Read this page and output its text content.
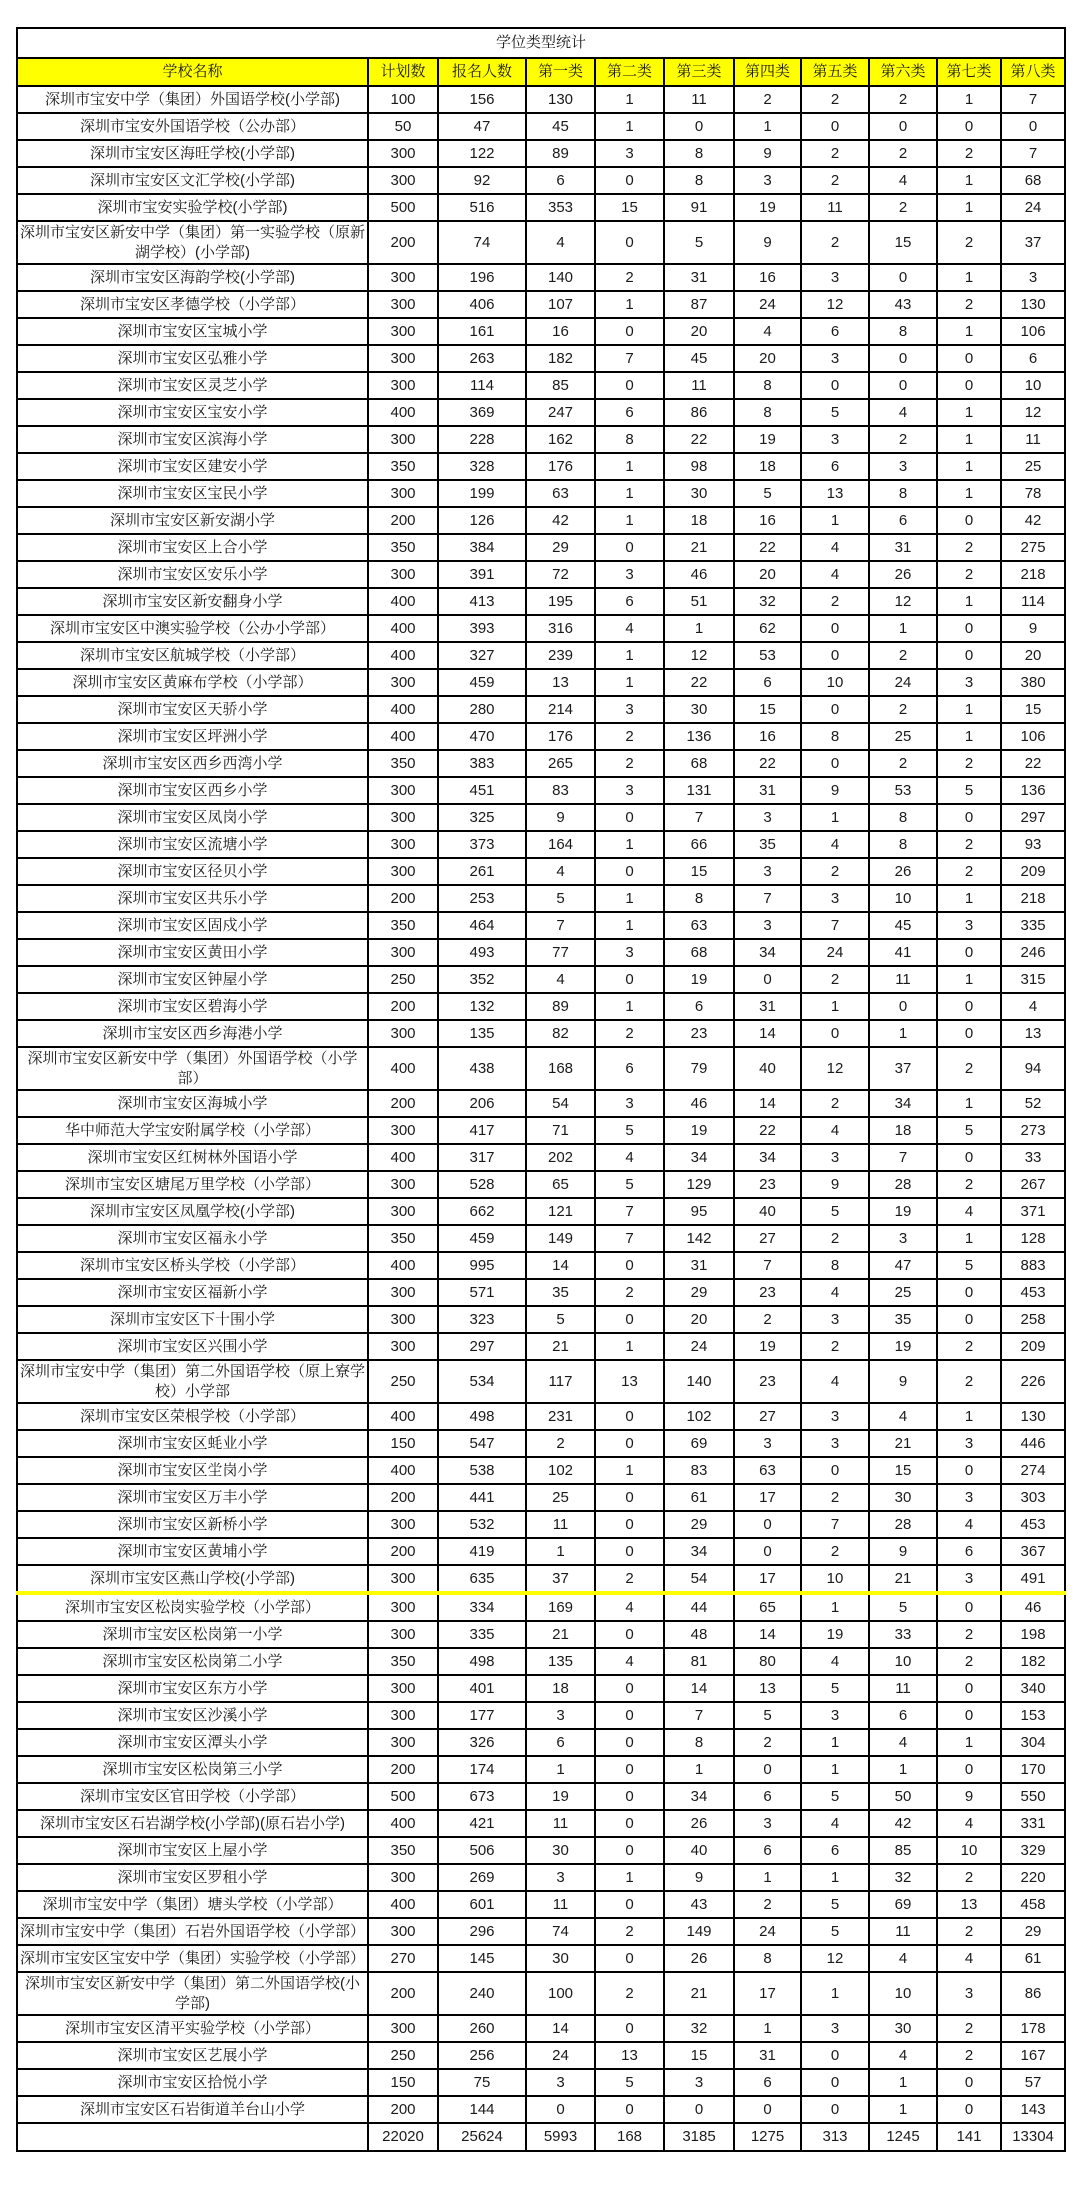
学位类型统计										
学校名称	计划数	报名人数	第一类	第二类	第三类	第四类	第五类	第六类	第七类	第八类
深圳市宝安中学（集团）外国语学校(小学部)	100	156	130	1	11	2	2	2	1	7
深圳市宝安外国语学校（公办部）	50	47	45	1	0	1	0	0	0	0
深圳市宝安区海旺学校(小学部)	300	122	89	3	8	9	2	2	2	7
深圳市宝安区文汇学校(小学部)	300	92	6	0	8	3	2	4	1	68
深圳市宝安实验学校(小学部)	500	516	353	15	91	19	11	2	1	24
深圳市宝安区新安中学（集团）第一实验学校（原新湖学校）(小学部)	200	74	4	0	5	9	2	15	2	37
深圳市宝安区海韵学校(小学部)	300	196	140	2	31	16	3	0	1	3
深圳市宝安区孝德学校（小学部）	300	406	107	1	87	24	12	43	2	130
深圳市宝安区宝城小学	300	161	16	0	20	4	6	8	1	106
深圳市宝安区弘雅小学	300	263	182	7	45	20	3	0	0	6
深圳市宝安区灵芝小学	300	114	85	0	11	8	0	0	0	10
深圳市宝安区宝安小学	400	369	247	6	86	8	5	4	1	12
深圳市宝安区滨海小学	300	228	162	8	22	19	3	2	1	11
深圳市宝安区建安小学	350	328	176	1	98	18	6	3	1	25
深圳市宝安区宝民小学	300	199	63	1	30	5	13	8	1	78
深圳市宝安区新安湖小学	200	126	42	1	18	16	1	6	0	42
深圳市宝安区上合小学	350	384	29	0	21	22	4	31	2	275
深圳市宝安区安乐小学	300	391	72	3	46	20	4	26	2	218
深圳市宝安区新安翻身小学	400	413	195	6	51	32	2	12	1	114
深圳市宝安区中澳实验学校（公办小学部）	400	393	316	4	1	62	0	1	0	9
深圳市宝安区航城学校（小学部）	400	327	239	1	12	53	0	2	0	20
深圳市宝安区黄麻布学校（小学部）	300	459	13	1	22	6	10	24	3	380
深圳市宝安区天骄小学	400	280	214	3	30	15	0	2	1	15
深圳市宝安区坪洲小学	400	470	176	2	136	16	8	25	1	106
深圳市宝安区西乡西湾小学	350	383	265	2	68	22	0	2	2	22
深圳市宝安区西乡小学	300	451	83	3	131	31	9	53	5	136
深圳市宝安区凤岗小学	300	325	9	0	7	3	1	8	0	297
深圳市宝安区流塘小学	300	373	164	1	66	35	4	8	2	93
深圳市宝安区径贝小学	300	261	4	0	15	3	2	26	2	209
深圳市宝安区共乐小学	200	253	5	1	8	7	3	10	1	218
深圳市宝安区固戍小学	350	464	7	1	63	3	7	45	3	335
深圳市宝安区黄田小学	300	493	77	3	68	34	24	41	0	246
深圳市宝安区钟屋小学	250	352	4	0	19	0	2	11	1	315
深圳市宝安区碧海小学	200	132	89	1	6	31	1	0	0	4
深圳市宝安区西乡海港小学	300	135	82	2	23	14	0	1	0	13
深圳市宝安区新安中学（集团）外国语学校（小学部）	400	438	168	6	79	40	12	37	2	94
深圳市宝安区海城小学	200	206	54	3	46	14	2	34	1	52
华中师范大学宝安附属学校（小学部）	300	417	71	5	19	22	4	18	5	273
深圳市宝安区红树林外国语小学	400	317	202	4	34	34	3	7	0	33
深圳市宝安区塘尾万里学校（小学部）	300	528	65	5	129	23	9	28	2	267
深圳市宝安区凤凰学校(小学部)	300	662	121	7	95	40	5	19	4	371
深圳市宝安区福永小学	350	459	149	7	142	27	2	3	1	128
深圳市宝安区桥头学校（小学部）	400	995	14	0	31	7	8	47	5	883
深圳市宝安区福新小学	300	571	35	2	29	23	4	25	0	453
深圳市宝安区下十围小学	300	323	5	0	20	2	3	35	0	258
深圳市宝安区兴围小学	300	297	21	1	24	19	2	19	2	209
深圳市宝安中学（集团）第二外国语学校（原上寮学校）小学部	250	534	117	13	140	23	4	9	2	226
深圳市宝安区荣根学校（小学部）	400	498	231	0	102	27	3	4	1	130
深圳市宝安区蚝业小学	150	547	2	0	69	3	3	21	3	446
深圳市宝安区坣岗小学	400	538	102	1	83	63	0	15	0	274
深圳市宝安区万丰小学	200	441	25	0	61	17	2	30	3	303
深圳市宝安区新桥小学	300	532	11	0	29	0	7	28	4	453
深圳市宝安区黄埔小学	200	419	1	0	34	0	2	9	6	367
深圳市宝安区燕山学校(小学部)	300	635	37	2	54	17	10	21	3	491
深圳市宝安区松岗实验学校（小学部）	300	334	169	4	44	65	1	5	0	46
深圳市宝安区松岗第一小学	300	335	21	0	48	14	19	33	2	198
深圳市宝安区松岗第二小学	350	498	135	4	81	80	4	10	2	182
深圳市宝安区东方小学	300	401	18	0	14	13	5	11	0	340
深圳市宝安区沙溪小学	300	177	3	0	7	5	3	6	0	153
深圳市宝安区潭头小学	300	326	6	0	8	2	1	4	1	304
深圳市宝安区松岗第三小学	200	174	1	0	1	0	1	1	0	170
深圳市宝安区官田学校（小学部）	500	673	19	0	34	6	5	50	9	550
深圳市宝安区石岩湖学校(小学部)(原石岩小学)	400	421	11	0	26	3	4	42	4	331
深圳市宝安区上屋小学	350	506	30	0	40	6	6	85	10	329
深圳市宝安区罗租小学	300	269	3	1	9	1	1	32	2	220
深圳市宝安中学（集团）塘头学校（小学部）	400	601	11	0	43	2	5	69	13	458
深圳市宝安中学（集团）石岩外国语学校（小学部）	300	296	74	2	149	24	5	11	2	29
深圳市宝安区宝安中学（集团）实验学校（小学部）	270	145	30	0	26	8	12	4	4	61
深圳市宝安区新安中学（集团）第二外国语学校(小学部)	200	240	100	2	21	17	1	10	3	86
深圳市宝安区清平实验学校（小学部）	300	260	14	0	32	1	3	30	2	178
深圳市宝安区艺展小学	250	256	24	13	15	31	0	4	2	167
深圳市宝安区拾悦小学	150	75	3	5	3	6	0	1	0	57
深圳市宝安区石岩街道羊台山小学	200	144	0	0	0	0	0	1	0	143
	22020	25624	5993	168	3185	1275	313	1245	141	13304
